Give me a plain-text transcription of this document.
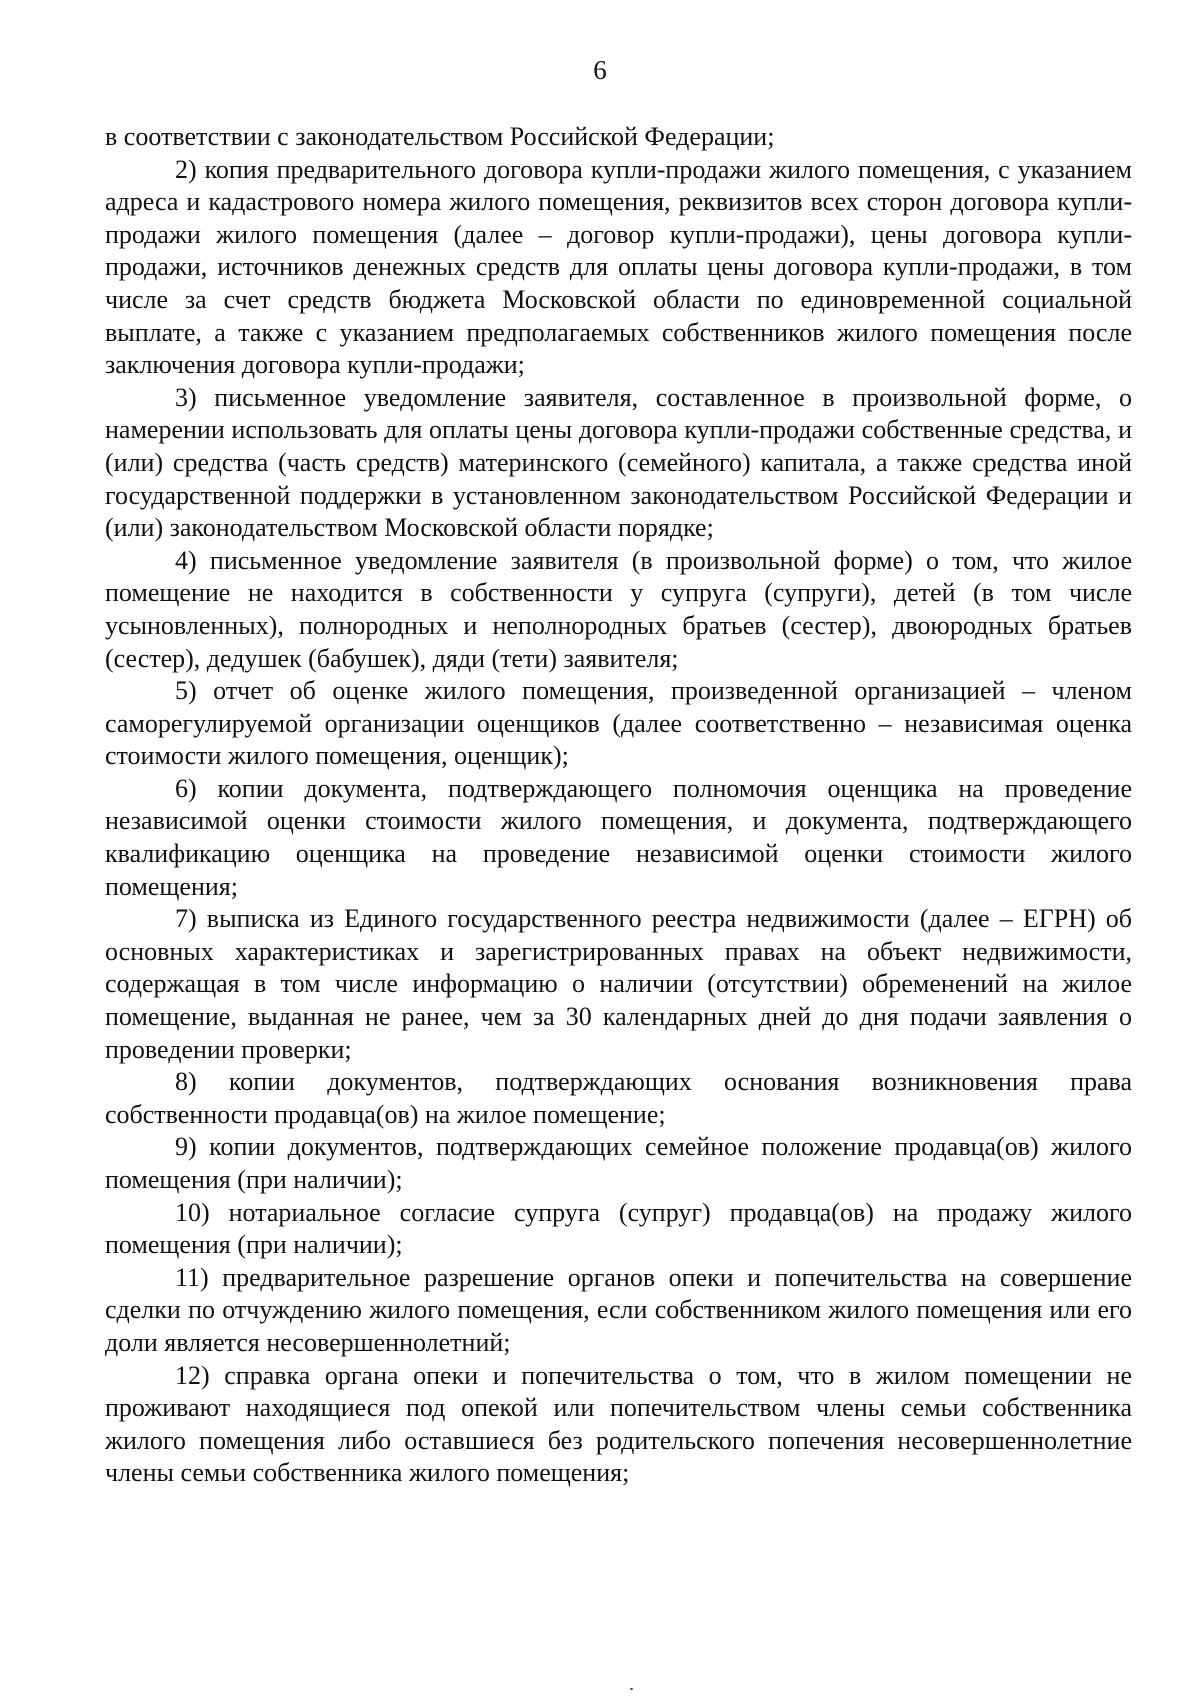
6

в соответствии с законодательством Российской Федерации;

2) копия предварительного договора купли-продажи жилого помещения, с указанием адреса и кадастрового номера жилого помещения, реквизитов всех сторон договора купли-продажи жилого помещения (далее – договор купли-продажи), цены договора купли-продажи, источников денежных средств для оплаты цены договора купли-продажи, в том числе за счет средств бюджета Московской области по единовременной социальной выплате, а также с указанием предполагаемых собственников жилого помещения после заключения договора купли-продажи;

3) письменное уведомление заявителя, составленное в произвольной форме, о намерении использовать для оплаты цены договора купли-продажи собственные средства, и (или) средства (часть средств) материнского (семейного) капитала, а также средства иной государственной поддержки в установленном законодательством Российской Федерации и (или) законодательством Московской области порядке;

4) письменное уведомление заявителя (в произвольной форме) о том, что жилое помещение не находится в собственности у супруга (супруги), детей (в том числе усыновленных), полнородных и неполнородных братьев (сестер), двоюродных братьев (сестер), дедушек (бабушек), дяди (тети) заявителя;

5) отчет об оценке жилого помещения, произведенной организацией – членом саморегулируемой организации оценщиков (далее соответственно – независимая оценка стоимости жилого помещения, оценщик);

6) копии документа, подтверждающего полномочия оценщика на проведение независимой оценки стоимости жилого помещения, и документа, подтверждающего квалификацию оценщика на проведение независимой оценки стоимости жилого помещения;

7) выписка из Единого государственного реестра недвижимости (далее – ЕГРН) об основных характеристиках и зарегистрированных правах на объект недвижимости, содержащая в том числе информацию о наличии (отсутствии) обременений на жилое помещение, выданная не ранее, чем за 30 календарных дней до дня подачи заявления о проведении проверки;

8) копии документов, подтверждающих основания возникновения права собственности продавца(ов) на жилое помещение;

9) копии документов, подтверждающих семейное положение продавца(ов) жилого помещения (при наличии);

10) нотариальное согласие супруга (супруг) продавца(ов) на продажу жилого помещения (при наличии);

11) предварительное разрешение органов опеки и попечительства на совершение сделки по отчуждению жилого помещения, если собственником жилого помещения или его доли является несовершеннолетний;

12) справка органа опеки и попечительства о том, что в жилом помещении не проживают находящиеся под опекой или попечительством члены семьи собственника жилого помещения либо оставшиеся без родительского попечения несовершеннолетние члены семьи собственника жилого помещения;
